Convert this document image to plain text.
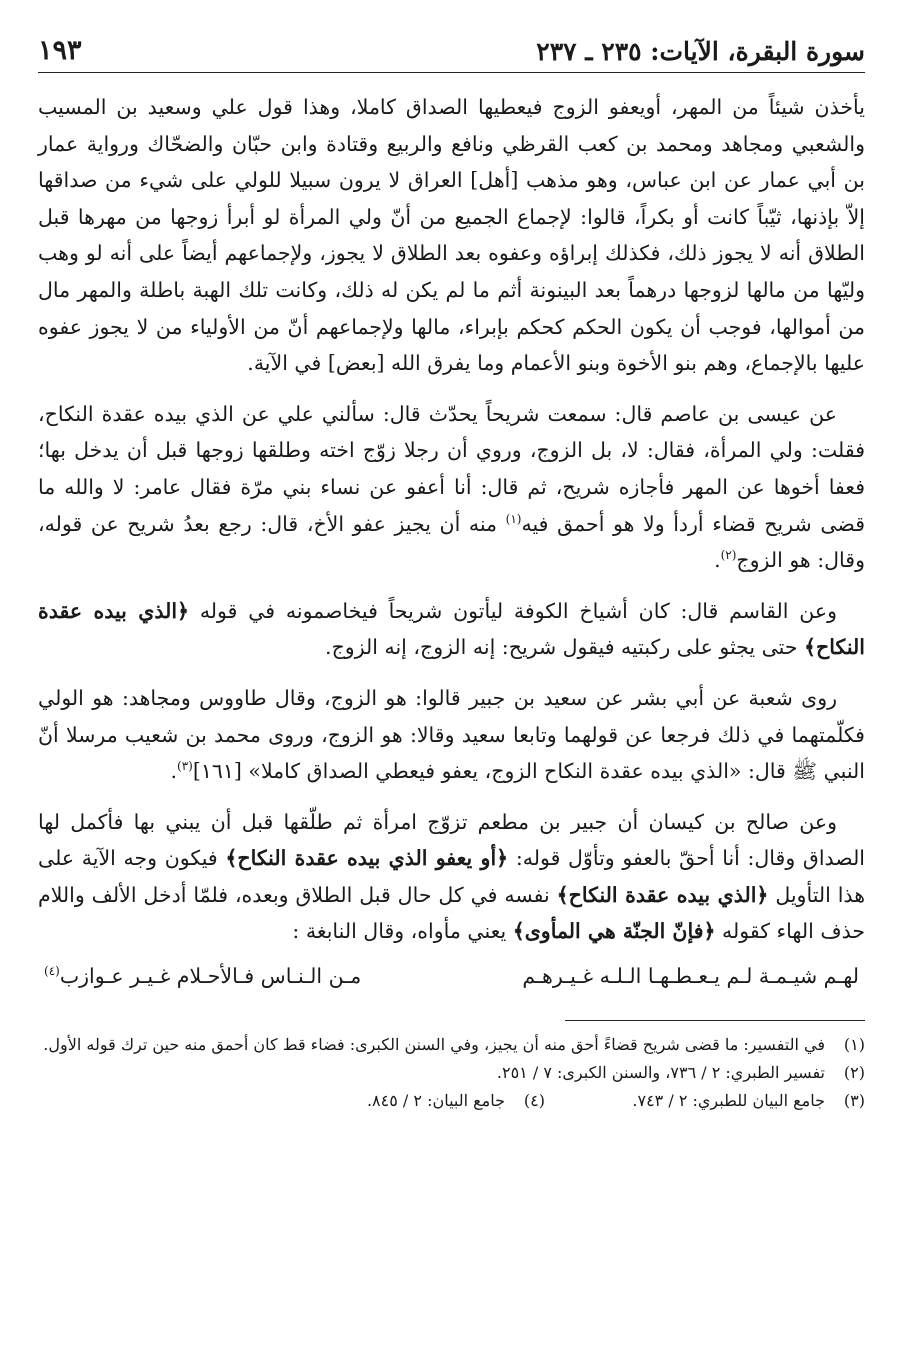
سورة البقرة، الآيات: ٢٣٥ ـ ٢٣٧
١٩٣

يأخذن شيئاً من المهر، أويعفو الزوج فيعطيها الصداق كاملا، وهذا قول علي وسعيد بن المسيب والشعبي ومجاهد ومحمد بن كعب القرظي ونافع والربيع وقتادة وابن حبّان والضحّاك ورواية عمار بن أبي عمار عن ابن عباس، وهو مذهب [أهل] العراق لا يرون سبيلا للولي على شيء من صداقها إلاّ بإذنها، ثيّباً كانت أو بكراً، قالوا: لإجماع الجميع من أنّ ولي المرأة لو أبرأ زوجها من مهرها قبل الطلاق أنه لا يجوز ذلك، فكذلك إبراؤه وعفوه بعد الطلاق لا يجوز، ولإجماعهم أيضاً على أنه لو وهب وليّها من مالها لزوجها درهماً بعد البينونة أثم ما لم يكن له ذلك، وكانت تلك الهبة باطلة والمهر مال من أموالها، فوجب أن يكون الحكم كحكم بإبراء، مالها ولإجماعهم أنّ من الأولياء من لا يجوز عفوه عليها بالإجماع، وهم بنو الأخوة وبنو الأعمام وما يفرق الله [بعض] في الآية.

عن عيسى بن عاصم قال: سمعت شريحاً يحدّث قال: سألني علي عن الذي بيده عقدة النكاح، فقلت: ولي المرأة، فقال: لا، بل الزوج، وروي أن رجلا زوّج اخته وطلقها زوجها قبل أن يدخل بها؛ فعفا أخوها عن المهر فأجازه شريح، ثم قال: أنا أعفو عن نساء بني مرّة فقال عامر: لا والله ما قضى شريح قضاء أردأ ولا هو أحمق فيه$^{(١)}$ منه أن يجيز عفو الأخ، قال: رجع بعدُ شريح عن قوله، وقال: هو الزوج$^{(٢)}$.

وعن القاسم قال: كان أشياخ الكوفة ليأتون شريحاً فيخاصمونه في قوله ﴿الذي بيده عقدة النكاح﴾ حتى يجثو على ركبتيه فيقول شريح: إنه الزوج، إنه الزوج.

روى شعبة عن أبي بشر عن سعيد بن جبير قالوا: هو الزوج، وقال طاووس ومجاهد: هو الولي فكلّمتهما في ذلك فرجعا عن قولهما وتابعا سعيد وقالا: هو الزوج، وروى محمد بن شعيب مرسلا أنّ النبي ﷺ قال: «الذي بيده عقدة النكاح الزوج، يعفو فيعطي الصداق كاملا» [١٦١]$^{(٣)}$.

وعن صالح بن كيسان أن جبير بن مطعم تزوّج امرأة ثم طلّقها قبل أن يبني بها فأكمل لها الصداق وقال: أنا أحقّ بالعفو وتأوّل قوله: ﴿أو يعفو الذي بيده عقدة النكاح﴾ فيكون وجه الآية على هذا التأويل ﴿الذي بيده عقدة النكاح﴾ نفسه في كل حال قبل الطلاق وبعده، فلمّا أدخل الألف واللام حذف الهاء كقوله ﴿فإنّ الجنّة هي المأوى﴾ يعني مأواه، وقال النابغة :

لهـم شيـمـة لـم يـعـطـهـا الـلـه غـيـرهـم
مـن الـنـاس فـالأحـلام غـيـر عـوازب$^{(٤)}$
(١)
في التفسير: ما قضى شريح قضاءً أحق منه أن يجيز، وفي السنن الكبرى: فضاء قط كان أحمق منه حين ترك قوله الأول.
(٢)
تفسير الطبري: ٢ / ٧٣٦، والسنن الكبرى: ٧ / ٢٥١.
(٣)
جامع البيان للطبري: ٢ / ٧٤٣.
(٤)
جامع البيان: ٢ / ٨٤٥.
